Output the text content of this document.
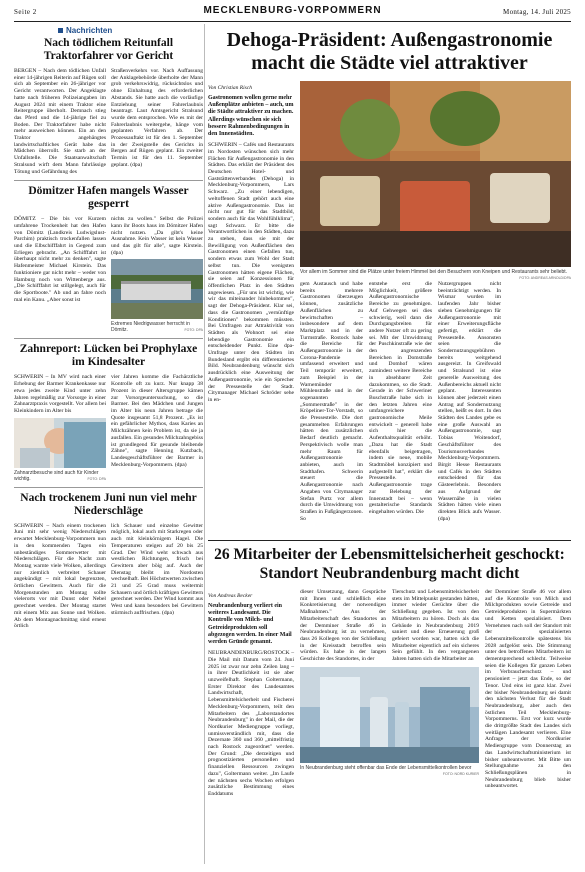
Seite 2	MECKLENBURG-VORPOMMERN	Montag, 14. Juli 2025
Nachrichten
Nach tödlichem Reitunfall Traktorfahrer vor Gericht

BERGEN – Nach dem tödlichen Unfall einer 14-jährigen Reiterin auf Rügen soll sich ab September ein 26-jähriger vor Gericht verantworten. Der Angeklagte hatte nach früheren Polizeiangaben im August 2024 mit einem Traktor eine Reitergruppe überholt. Demnach stieg das Pferd und die 14-jährige fiel zu Boden. Der Traktorfahrer habe nicht mehr ausweichen können. Ein an den Traktor angehängtes landwirtschaftliches Gerät habe das Mädchen überrollt. Sie starb an der Unfallstelle. Die Staatsanwaltschaft Stralsund wirft dem Mann fahrlässige Tötung und Gefährdung des

Straßenverkehrs vor. Nach Auffassung der Anklagebehörde überholte der Mann grob verkehrswidrig, rücksichtslos und ohne Einhaltung des erforderlichen Abstands. Sie hatte auch die vorläufige Entziehung seiner Fahrerlaubnis beantragt. Laut Amtsgericht Stralsund wurde dem entsprochen. Wie es mit der Fahrerlaubnis weitergehe, hänge vom geplanten Verfahren ab. Der Prozessauftakt ist für den 1. September in der Zweigstelle des Gerichts in Bergen auf Rügen geplant. Ein zweiter Termin ist für den 11. September geplant. (dpa)

Dömitzer Hafen mangels Wasser gesperrt

DÖMITZ – Die bis vor Kurzem umfahrene Trockenheit hat den Hafen von Dömitz (Landkreis Ludwigslust-Parchim) praktisch trockenfallen lassen und die Elbschifffahrt in Gegend zum Erliegen gebracht. „An Schifffahrt ist überhaupt nicht mehr zu denken", sagte Hafenmeister Michael Kirstein. Das funktioniere gar nicht mehr – weder von Hamburg noch von Wittenberge aus. „Die Schifffahrt ist stillgelegt, auch für die Sportboote." Ab und an fahre noch mal ein Kanu. „Aber sonst ist

nichts zu wollen." Selbst die Polizei kann ihr Boots haus im Dömitzer Hafen nicht nutzen. „Da gibt's keine Ausnahme. Kein Wasser ist kein Wasser und das gilt für alle", sagte Kirstein. (dpa)

Extremes Niedrigwasser herrscht in Dömitz.	FOTO: DPA
Zahnreport: Lücken bei Prophylaxe im Kindesalter

SCHWERIN – In MV wird nach einer Erhebung der Barmer Krankenkasse nur etwa jedes zweite Kind unter zehn Jahren regelmäßig zur Vorsorge in einer Zahnarztpraxis vorgestellt. Vor allem bei Kleinkindern im Alter bis

Zahnarztbesuche sind auch für Kinder wichtig.	FOTO: DPA

vier Jahren komme die Fachärztliche Kontrolle oft zu kurz. Nur knapp 38 Prozent in dieser Altersgruppe kämen zur Vorsorgeuntersuchung, so die Barmer. Bei den Mädchen und Jungen im Alter bis neun Jahren betrage die Quote insgesamt 51,8 Prozent. „Es ist ein gefährlicher Mythos, dass Karies an Milchzähnen kein Problem ist, da sie ja ausfallen. Ein gesundes Milchzahngebiss ist grundlegend für gesunde bleibende Zähne", sagte Henning Kutzbach, Landesgeschäftsführer der Barmer in Mecklenburg-Vorpommern. (dpa)

Nach trockenem Juni nun viel mehr Niederschläge

SCHWERIN – Nach einem trockenen Juni mit sehr wenig Niederschlägen erwartet Mecklenburg-Vorpommern nun in den kommenden Tagen ein unbeständiges Sommerwetter mit Niederschlägen. Für die Nacht zum Montag warnte viele Wolken, allerdings nur ziemlich verbreitet Schauer angekündigt – mit lokal begrenzten, örtlichen Gewittern. Auch für die Morgenstunden am Montag sollte vielerorts vor mit Dunst oder Nebel gerechnet werden. Der Montag startet mit einem Mix aus Sonne und Wolken. Ab dem Montagnachmittag sind erneut örtlich

lich Schauer und einzelne Gewitter möglich, lokal auch mit Starkregen oder auch mit kleinkörnigem Hagel. Die Temperaturen steigen auf 20 bis 25 Grad. Der Wind weht schwach aus westlichen Richtungen, frisch bei Gewittern aber böig auf. Auch der Dienstag bleibt im Nordosten wechselhaft. Bei Höchstwerten zwischen 21 und 25 Grad muss weitermit Schauern und örtlich kräftigen Gewittern gerechnet werden. Der Wind kommt aus West und kann besonders bei Gewittern stürmisch auffrischen. (dpa)

Dehoga-Präsident: Außengastronomie macht die Städte viel attraktiver
Von Christian Risch

Gastronomen wollen gerne mehr Außenplätze anbieten – auch, um die Städte attraktiver zu machen. Allerdings wünschen sie sich bessere Rahmenbedingungen in den Innenstädten.

SCHWERIN – Cafés und Restaurants im Nordosten wünschen sich mehr Flächen für Außengastronomie in den Städten. Das erklärt der Präsident des Deutschen Hotel- und Gaststättenverbandes (Dehoga) in Mecklenburg-Vorpommern, Lars Schwarz. „Zu einer lebendigen, weltoffenen Stadt gehört auch eine aktive Außengastronomie. Das ist nicht nur gut für das Stadtbild, sondern auch für das Wohlfühlklima", sagt Schwarz. Er bitte die Verantwortlichen in den Städten, dazu zu stehen, dass sie mit der Bewilligung von Außenflächen den Gastronomen einen Gefallen tun, sondern etwas zum Wohl der Stadt selbst tun. Die wenigsten Gastronomen hätten eigene Flächen, sie seien auf Konzessionen für öffentlichen Platz in den Städten angewiesen. „Für uns ist wichtig, wie wir das miteinander hinbekommen", sagt der Dehoga-Präsident. Klar sei, dass die Gastronomen „vernünftige Konditionen" bekommen müssten. Bei Umfragen zur Attraktivität von Städten als Wohnort sei eine lebendige Gastronomie ein entscheidender Punkt. Eine dpa-Umfrage unter den Städten im Bundesland ergibt ein differenziertes Bild. Neubrandenburg wünscht sich ausdrücklich eine Ausweitung der Außengastronomie, wie ein Sprecher der Pressestelle der Stadt. Citymanager Michael Schröder sehe in en-

Vor allem im Sommer sind die Plätze unter freiem Himmel bei den Besuchern von Kneipen und Restaurants sehr beliebt.
FOTO: ANDREAS ARNOLD/DPA

gem Austausch und habe bereits mehrere Gastronomen überzeugen können, zusätzliche Außenflächen zu bewirtschaften – insbesondere auf dem Marktplatz und in der Turmstraße. Rostock habe die Bereiche für Außengastronomie in der Corona-Pandemie umfassend erweitert und Teil temporär erweitert, zum Beispiel in der Warnemünder Mühlenstraße und in der sogenannten „Sommerstraße" in der Kröpeliner-Tor-Vorstadt, so die Pressestelle. Die dort gesammelten Erfahrungen hätten den zusätzlichen Bedarf deutlich gemacht. Perspektivisch wolle man mehr Raum für Außengastronomie anbieten, auch im Stadthafen. Schwerin steuert die Außengastronomie nach Angaben von Citymanager Stefan Purtz vor allem durch die Umwidmung von Straßen in Fußgängerzonen. So

entstehe erst die Möglichkeit, größere Außengastronomische Bereiche zu genehmigen. Auf Gehwegen sei dies schwierig, weil dann die Durchgangsbreiten für andere Nutzer oft zu gering sei. Mit der Umwidmung der Puschkinstraße wie der den angrenzenden Bereichen in Domstraße und Domhof wären zumindest weitere Bereiche in absehbarer Zeit dazukommen, so die Stadt. Gerade in der Schweriner Buschstraße habe sich in den letzten Jahren eine umfangreichere gastronomische Meile entwickelt – generell habe sich hier die Aufenthaltsqualität erhöht. „Dazu hat die Stadt ebenfalls beigetragen, indem sie neue, mobile Stadtmöbel konzipiert und aufgestellt hat", erklärt die Pressestelle. Außengastronomie trage zur Belebung der Innenstadt bei – wenn gestalterische Standards eingehalten würden. Die

Nutzergruppen nicht beeinträchtigt werden. In Wismar wurden im laufenden Jahr bisher sieben Genehmigungen für Außengastronomie mit einer Erweiterungsfläche gefertigt, erklärt die Pressestelle. Ansonsten seien die Sondernutzungsgebühren bereits weitgehend ausgereizt. In Greifswald und Stralsund ist eine generelle Ausweitung des Außenbereichs aktuell nicht geplant. Interessenten können aber jederzeit einen Antrag auf Sondernutzung stellen, heißt es dort. In den Städten des Landes gebe es eine große Auswahl an Außengastronomie, sagt Tobias Woitendorf, Geschäftsführer des Tourismusverbandes Mecklenburg-Vorpommern. Birgit Hesse Restaurants und Cafés in den Städten entscheidend für das Gästeerlebnis. Besonders aus Aufgrund der Wassernähe in vielen Städten hätten viele einen direkten Blick aufs Wasser. (dpa)

26 Mitarbeiter der Lebensmittelsicherheit geschockt: Standort Neubrandenburg macht dicht
Von Andreas Becker

Neubrandenburg verliert ein weiteres Landesamt. Die Kontrolle von Milch- und Getreideprodukten soll abgezogen werden. In einer Mail werden Gründe genannt.

NEUBRANDENBURG/ROSTOCK – Die Mail mit Datum vom 24. Juni 2025 ist zwar nur zehn Zeilen lang – in ihrer Deutlichkeit ist sie aber unzweifelhaft. Stephan Goltermann, Erster Direktor des Landesamtes Landwirtschaft, Lebensmittelsicherheit und Fischerei Mecklenburg-Vorpommern, teilt den Mitarbeitern des „Laborstandortes Neubrandenburg" in der Mail, die der Nordkurier Mediengruppe vorliegt, unmissverständlich mit, dass die Dezernate 360 und 360 „mittelfristig nach Rostock zugeordnet" werden. Der Grund: „Die derzeitigen und prognostizierten personellen und finanziellen Ressourcen zwingen dazu", Goltermann weiter. „Im Laufe der nächsten sechs Wochen erfolgen zusätzliche Bestimmung eines Enddatums

dieser Umsetzung, dann Gespräche mit Ihnen und schließlich eine Konkretisierung der notwendigen Maßnahmen." Aus der Mitarbeiterschaft des Standortes an der Demminer Straße 46 in Neubrandenburg ist zu vernehmen, dass 26 Kollegen von der Schließung in der Kreisstadt betroffen sein würden. Es habe in der langen Geschichte des Standortes, in der

Tierschutz und Lebensmittelsicherheit stets im Mittelpunkt gestanden hätten, immer wieder Gerüchte über die Schließung gegeben. Ist von den Mitarbeitern zu hören. Doch als das Gebäude in Neubrandenburg 2019 saniert und diese Erneuerung groß gefeiert worden war, hatten sich die Mitarbeiter eigentlich auf ein sicheres Sein gefühlt. In den vergangenen Jahren hatten sich die Mitarbeiter an

In Neubrandenburg steht offenbar das Ende der Lebensmittelkontrollen bevor
FOTO: NORD KURIER

der Demminer Straße 46 vor allem auf die Kontrolle von Milch und Milchprodukten sowie Getreide und Getreideprodukten in Supermärkten und Ketten spezialisiert. Dem Vernehmen nach soll der Standort mit der spezialisierten Lebensmittelkontrolle spätestens bis 2028 aufgelöst sein. Die Stimmung unter den betroffenen Mitarbeitern ist dementsprechend schlecht. Teilweise seien die Kollegen für ganzen Leben im Verbraucherschutz – und pensioniert – jetzt das Ende, so der Tenor. Und eins ist ganz klar. Zwei der bisher Neubrandenburg sei damit den nächsten Verlust für die Stadt Neubrandenburg, aber auch den östlichen Teil Mecklenburg-Vorpommerns. Erst vor kurz wurde die drittgrößte Stadt des Landes sich weitlägen Landesamt verlieren. Eine Anfrage der Nordkurier Mediengruppe vom Donnerstag an das Landwirtschaftsministerium ist bisher unbeantwortet. Mit Bitte um Stellungnahme zu den Schließungsplänen in Neubrandenburg blieb bisher unbeantwortet.
